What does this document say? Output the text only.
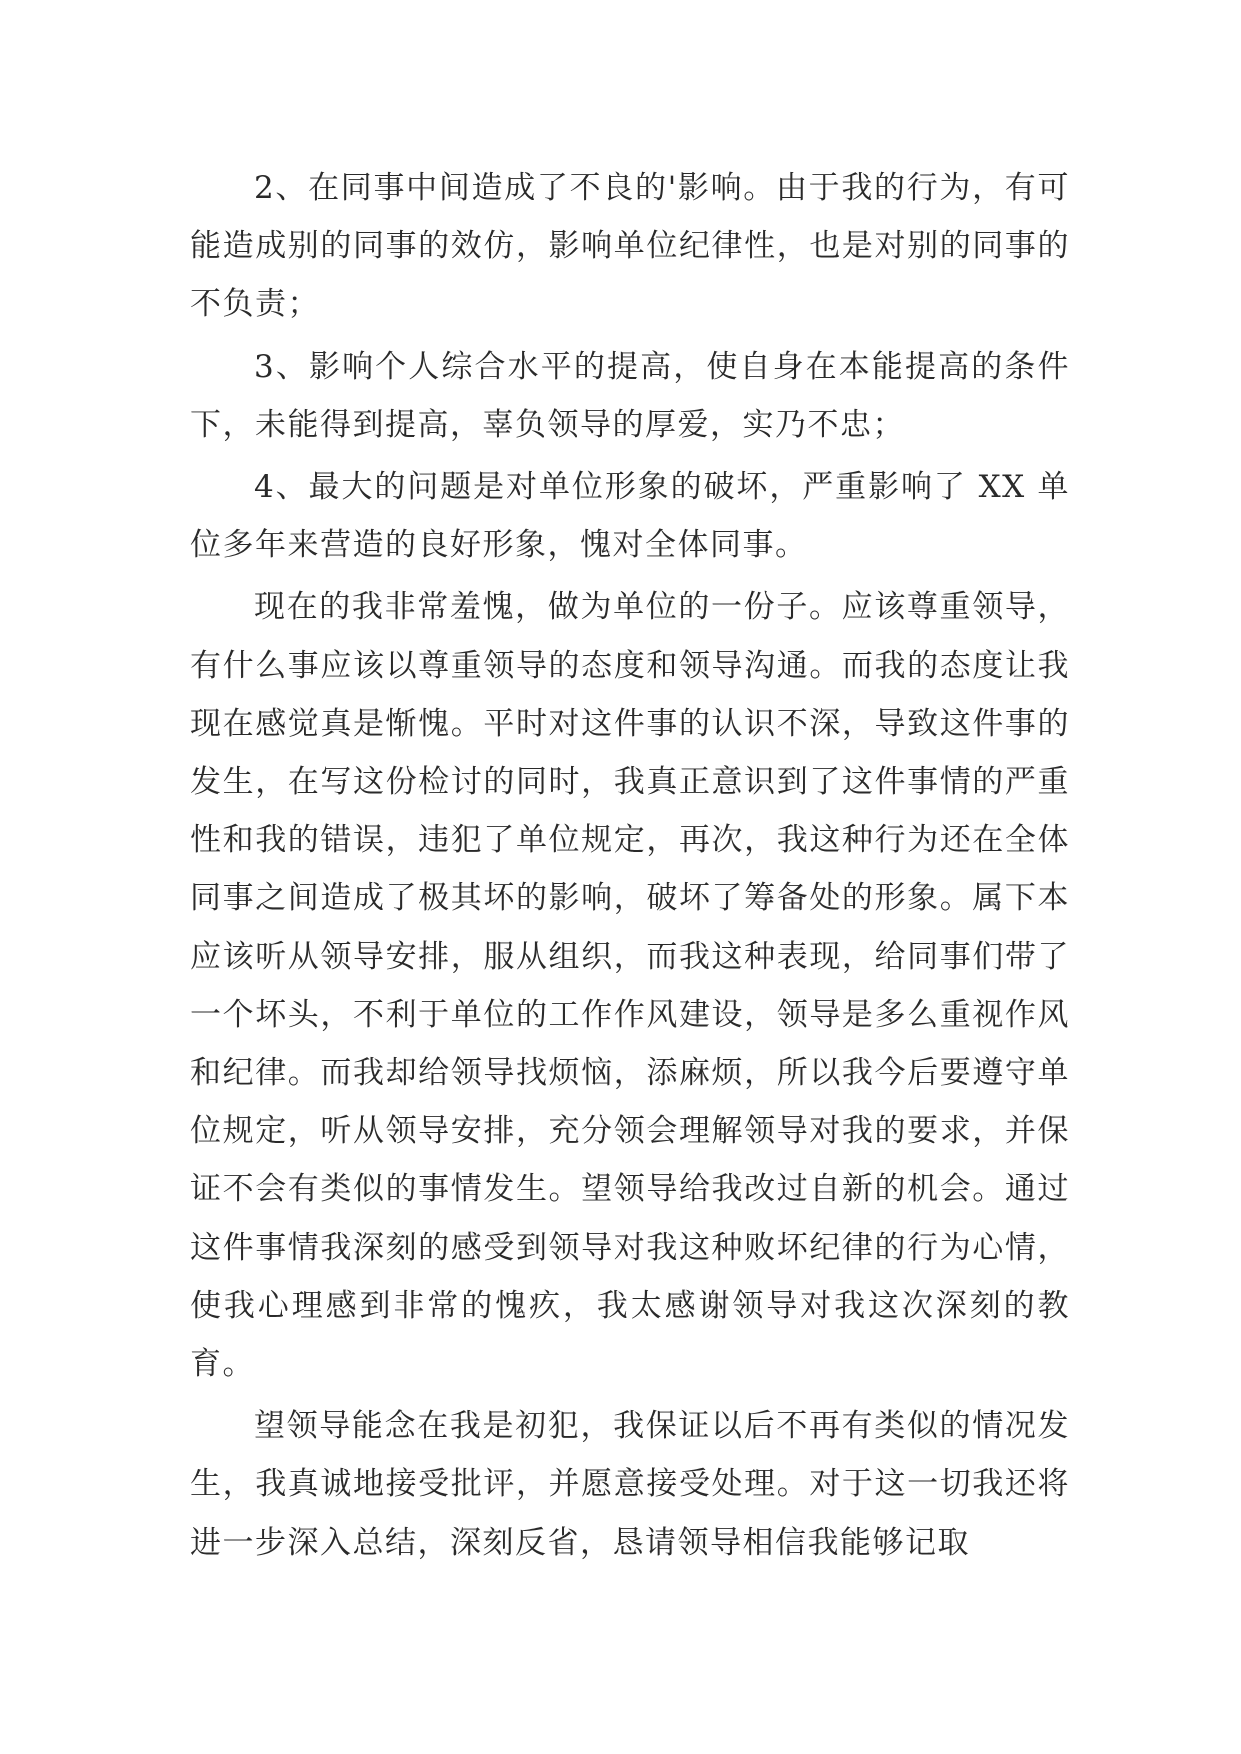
2、在同事中间造成了不良的'影响。由于我的行为，有可能造成别的同事的效仿，影响单位纪律性，也是对别的同事的不负责；

3、影响个人综合水平的提高，使自身在本能提高的条件下，未能得到提高，辜负领导的厚爱，实乃不忠；

4、最大的问题是对单位形象的破坏，严重影响了 XX 单位多年来营造的良好形象，愧对全体同事。

现在的我非常羞愧，做为单位的一份子。应该尊重领导，有什么事应该以尊重领导的态度和领导沟通。而我的态度让我现在感觉真是惭愧。平时对这件事的认识不深，导致这件事的发生，在写这份检讨的同时，我真正意识到了这件事情的严重性和我的错误，违犯了单位规定，再次，我这种行为还在全体同事之间造成了极其坏的影响，破坏了筹备处的形象。属下本应该听从领导安排，服从组织，而我这种表现，给同事们带了一个坏头，不利于单位的工作作风建设，领导是多么重视作风和纪律。而我却给领导找烦恼，添麻烦，所以我今后要遵守单位规定，听从领导安排，充分领会理解领导对我的要求，并保证不会有类似的事情发生。望领导给我改过自新的机会。通过这件事情我深刻的感受到领导对我这种败坏纪律的行为心情，使我心理感到非常的愧疚，我太感谢领导对我这次深刻的教育。

望领导能念在我是初犯，我保证以后不再有类似的情况发生，我真诚地接受批评，并愿意接受处理。对于这一切我还将进一步深入总结，深刻反省，恳请领导相信我能够记取
